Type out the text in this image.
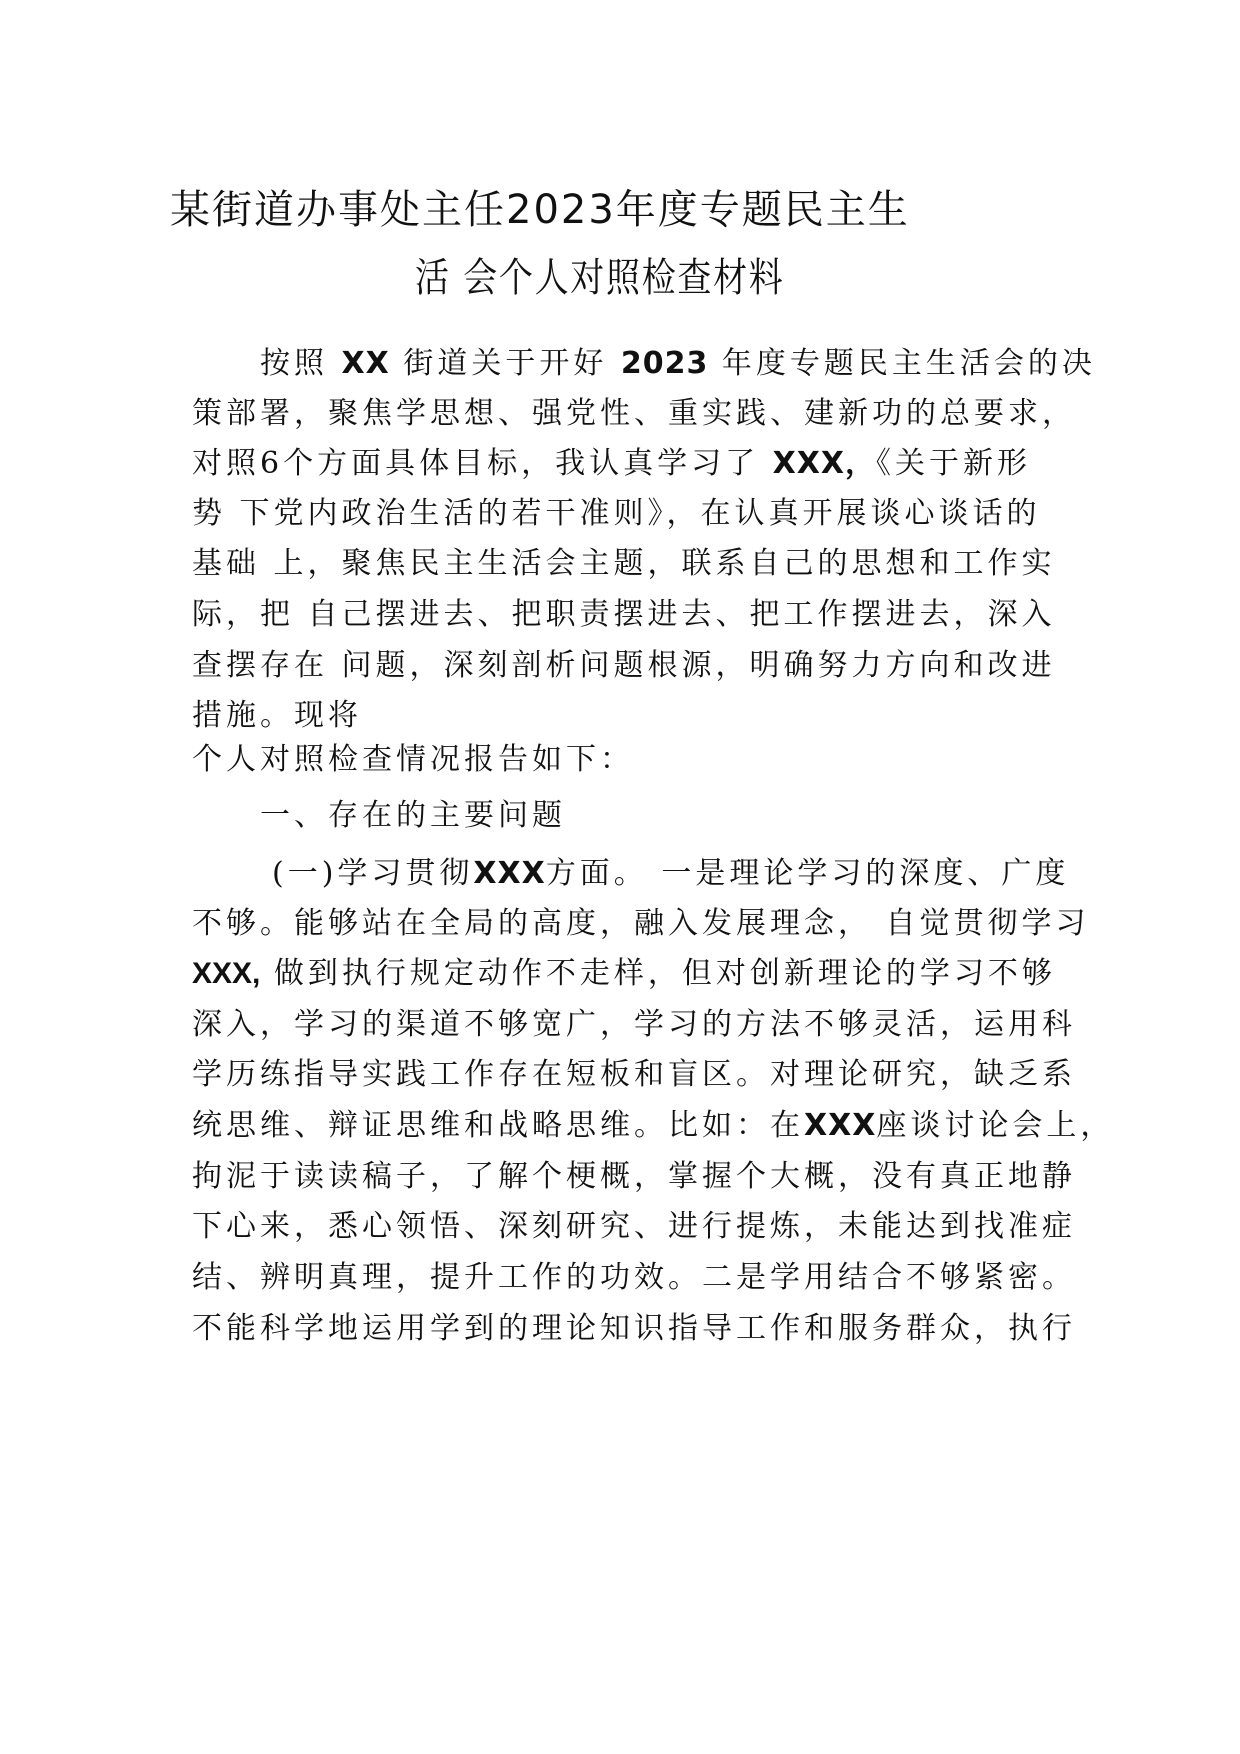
某街道办事处主任2023年度专题民主生
活 会个人对照检查材料
按照 XX 街道关于开好 2023 年度专题民主生活会的决
策部署，聚焦学思想、强党性、重实践、建新功的总要求，
对照6个方面具体目标，我认真学习了 XXX，《关于新形
势 下党内政治生活的若干准则》，在认真开展谈心谈话的
基础 上，聚焦民主生活会主题，联系自己的思想和工作实
际，把 自己摆进去、把职责摆进去、把工作摆进去，深入
查摆存在 问题，深刻剖析问题根源，明确努力方向和改进
措施。现将
个人对照检查情况报告如下：
一、存在的主要问题
(一)学习贯彻XXX方面。 一是理论学习的深度、广度
不够。能够站在全局的高度，融入发展理念， 自觉贯彻学习
XXX, 做到执行规定动作不走样，但对创新理论的学习不够
深入，学习的渠道不够宽广，学习的方法不够灵活，运用科
学历练指导实践工作存在短板和盲区。对理论研究，缺乏系
统思维、辩证思维和战略思维。比如：在XXX座谈讨论会上，
拘泥于读读稿子，了解个梗概，掌握个大概，没有真正地静
下心来，悉心领悟、深刻研究、进行提炼，未能达到找准症
结、辨明真理，提升工作的功效。二是学用结合不够紧密。
不能科学地运用学到的理论知识指导工作和服务群众，执行
